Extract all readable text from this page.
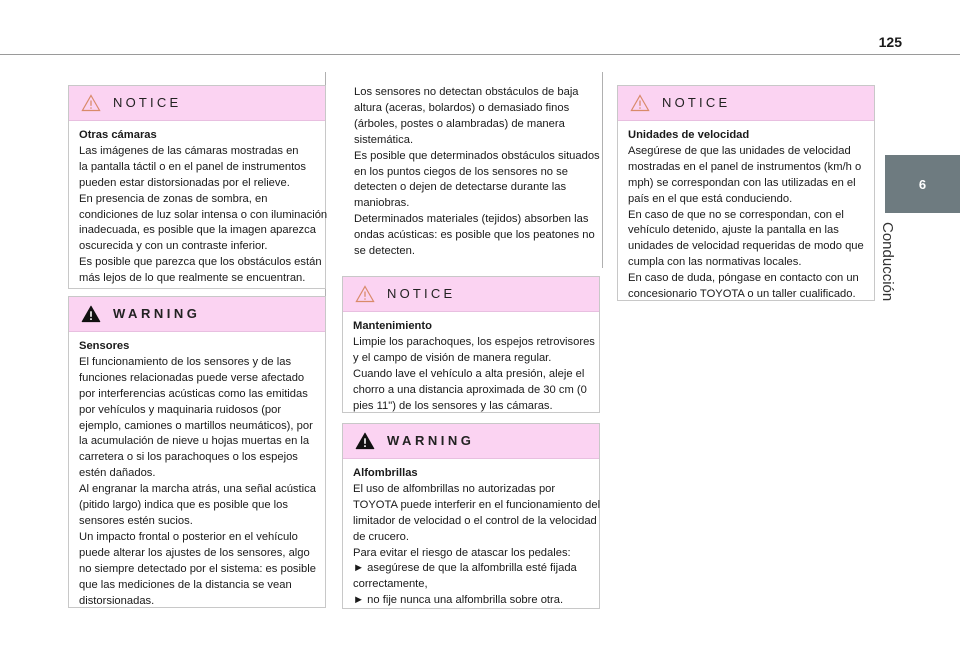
125
6
Conducción
NOTICE
Otras cámaras
Las imágenes de las cámaras mostradas en
la pantalla táctil o en el panel de instrumentos
pueden estar distorsionadas por el relieve.
En presencia de zonas de sombra, en
condiciones de luz solar intensa o con iluminación
inadecuada, es posible que la imagen aparezca
oscurecida y con un contraste inferior.
Es posible que parezca que los obstáculos están
más lejos de lo que realmente se encuentran.
WARNING
Sensores
El funcionamiento de los sensores y de las
funciones relacionadas puede verse afectado
por interferencias acústicas como las emitidas
por vehículos y maquinaria ruidosos (por
ejemplo, camiones o martillos neumáticos), por
la acumulación de nieve u hojas muertas en la
carretera o si los parachoques o los espejos
estén dañados.
Al engranar la marcha atrás, una señal acústica
(pitido largo) indica que es posible que los
sensores estén sucios.
Un impacto frontal o posterior en el vehículo
puede alterar los ajustes de los sensores, algo
no siempre detectado por el sistema: es posible
que las mediciones de la distancia se vean
distorsionadas.
Los sensores no detectan obstáculos de baja
altura (aceras, bolardos) o demasiado finos
(árboles, postes o alambradas) de manera
sistemática.
Es posible que determinados obstáculos situados
en los puntos ciegos de los sensores no se
detecten o dejen de detectarse durante las
maniobras.
Determinados materiales (tejidos) absorben las
ondas acústicas: es posible que los peatones no
se detecten.
NOTICE
Mantenimiento
Limpie los parachoques, los espejos retrovisores
y el campo de visión de manera regular.
Cuando lave el vehículo a alta presión, aleje el
chorro a una distancia aproximada de 30 cm (0
pies 11") de los sensores y las cámaras.
WARNING
Alfombrillas
El uso de alfombrillas no autorizadas por
TOYOTA puede interferir en el funcionamiento del
limitador de velocidad o el control de la velocidad
de crucero.
Para evitar el riesgo de atascar los pedales:
► asegúrese de que la alfombrilla esté fijada
correctamente,
► no fije nunca una alfombrilla sobre otra.
NOTICE
Unidades de velocidad
Asegúrese de que las unidades de velocidad
mostradas en el panel de instrumentos (km/h o
mph) se correspondan con las utilizadas en el
país en el que está conduciendo.
En caso de que no se correspondan, con el
vehículo detenido, ajuste la pantalla en las
unidades de velocidad requeridas de modo que
cumpla con las normativas locales.
En caso de duda, póngase en contacto con un
concesionario TOYOTA o un taller cualificado.
